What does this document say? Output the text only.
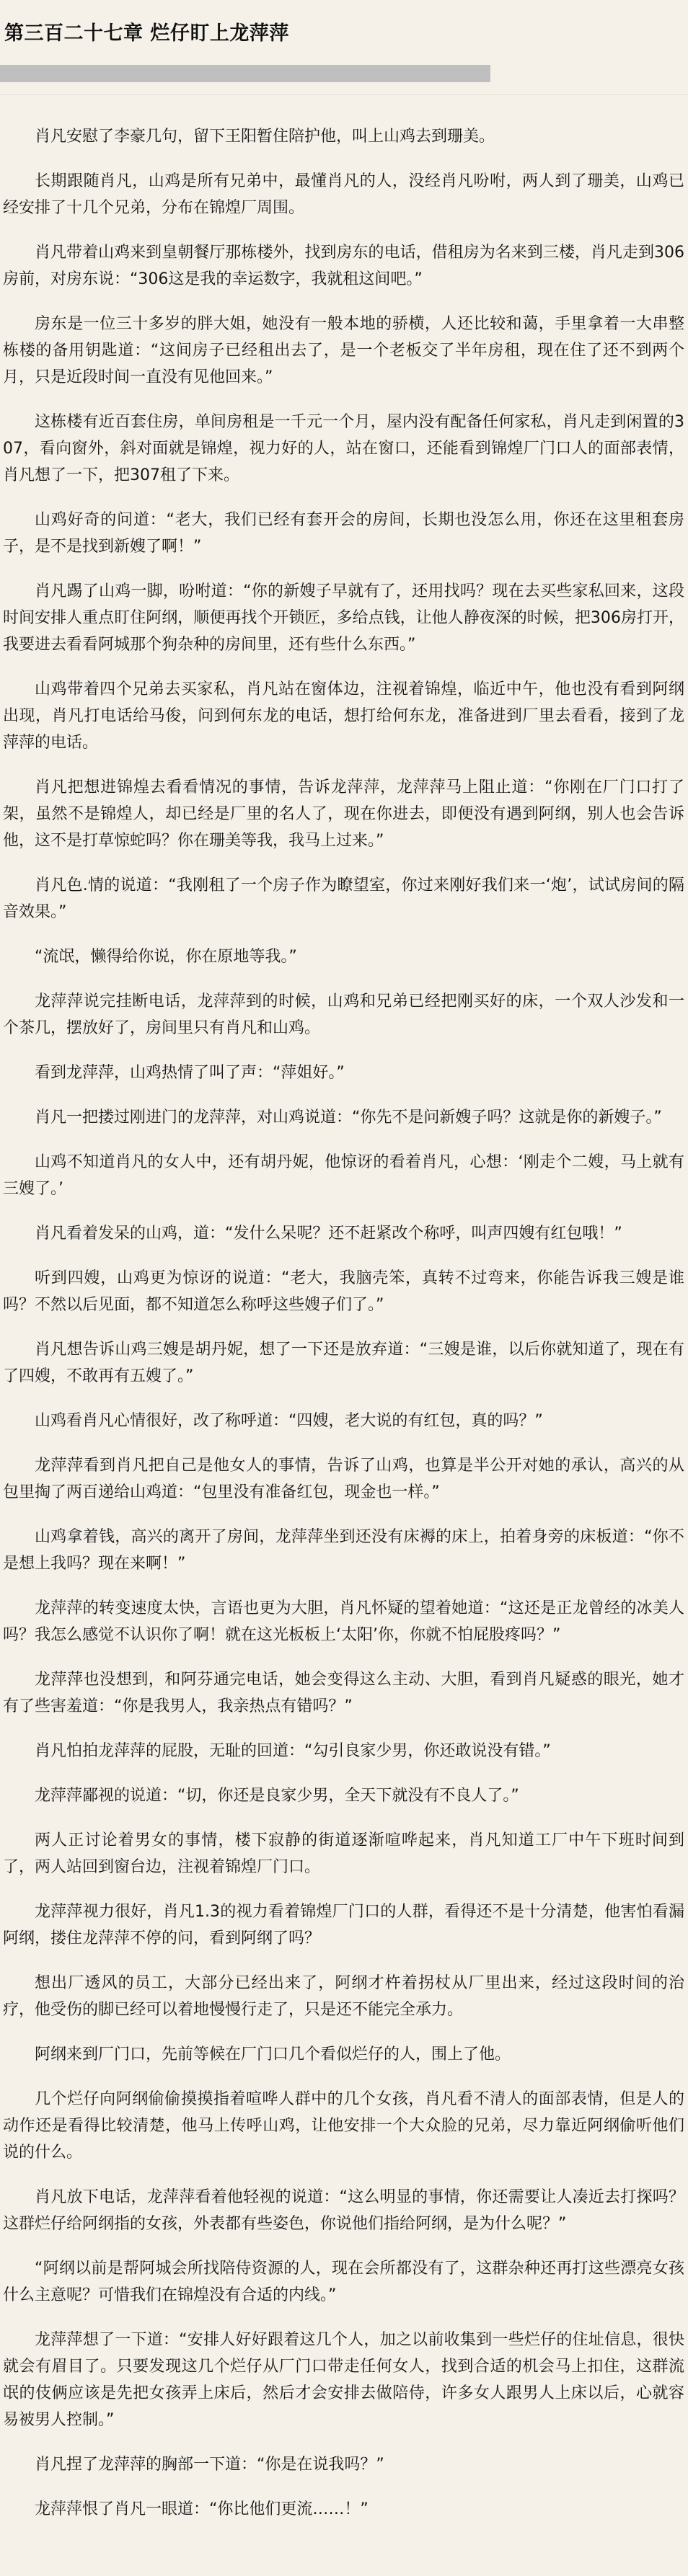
第三百二十七章 烂仔盯上龙萍萍

肖凡安慰了李豪几句，留下王阳暂住陪护他，叫上山鸡去到珊美。

长期跟随肖凡，山鸡是所有兄弟中，最懂肖凡的人，没经肖凡吩咐，两人到了珊美，山鸡已经安排了十几个兄弟，分布在锦煌厂周围。

肖凡带着山鸡来到皇朝餐厅那栋楼外，找到房东的电话，借租房为名来到三楼，肖凡走到306房前，对房东说：“306这是我的幸运数字，我就租这间吧。”

房东是一位三十多岁的胖大姐，她没有一般本地的骄横，人还比较和蔼，手里拿着一大串整栋楼的备用钥匙道：“这间房子已经租出去了，是一个老板交了半年房租，现在住了还不到两个月，只是近段时间一直没有见他回来。”

这栋楼有近百套住房，单间房租是一千元一个月，屋内没有配备任何家私，肖凡走到闲置的307，看向窗外，斜对面就是锦煌，视力好的人，站在窗口，还能看到锦煌厂门口人的面部表情，肖凡想了一下，把307租了下来。

山鸡好奇的问道：“老大，我们已经有套开会的房间，长期也没怎么用，你还在这里租套房子，是不是找到新嫂了啊！”

肖凡踢了山鸡一脚，吩咐道：“你的新嫂子早就有了，还用找吗？现在去买些家私回来，这段时间安排人重点盯住阿纲，顺便再找个开锁匠，多给点钱，让他人静夜深的时候，把306房打开，我要进去看看阿城那个狗杂种的房间里，还有些什么东西。”

山鸡带着四个兄弟去买家私，肖凡站在窗体边，注视着锦煌，临近中午，他也没有看到阿纲出现，肖凡打电话给马俊，问到何东龙的电话，想打给何东龙，准备进到厂里去看看，接到了龙萍萍的电话。

肖凡把想进锦煌去看看情况的事情，告诉龙萍萍，龙萍萍马上阻止道：“你刚在厂门口打了架，虽然不是锦煌人，却已经是厂里的名人了，现在你进去，即便没有遇到阿纲，别人也会告诉他，这不是打草惊蛇吗？你在珊美等我，我马上过来。”

肖凡色.情的说道：“我刚租了一个房子作为瞭望室，你过来刚好我们来一‘炮’，试试房间的隔音效果。”

“流氓，懒得给你说，你在原地等我。”

龙萍萍说完挂断电话，龙萍萍到的时候，山鸡和兄弟已经把刚买好的床，一个双人沙发和一个茶几，摆放好了，房间里只有肖凡和山鸡。

看到龙萍萍，山鸡热情了叫了声：“萍姐好。”

肖凡一把搂过刚进门的龙萍萍，对山鸡说道：“你先不是问新嫂子吗？这就是你的新嫂子。”

山鸡不知道肖凡的女人中，还有胡丹妮，他惊讶的看着肖凡，心想：‘刚走个二嫂，马上就有三嫂了。’

肖凡看着发呆的山鸡，道：“发什么呆呢？还不赶紧改个称呼，叫声四嫂有红包哦！”

听到四嫂，山鸡更为惊讶的说道：“老大，我脑壳笨，真转不过弯来，你能告诉我三嫂是谁吗？不然以后见面，都不知道怎么称呼这些嫂子们了。”

肖凡想告诉山鸡三嫂是胡丹妮，想了一下还是放弃道：“三嫂是谁，以后你就知道了，现在有了四嫂，不敢再有五嫂了。”

山鸡看肖凡心情很好，改了称呼道：“四嫂，老大说的有红包，真的吗？”

龙萍萍看到肖凡把自己是他女人的事情，告诉了山鸡，也算是半公开对她的承认，高兴的从包里掏了两百递给山鸡道：“包里没有准备红包，现金也一样。”

山鸡拿着钱，高兴的离开了房间，龙萍萍坐到还没有床褥的床上，拍着身旁的床板道：“你不是想上我吗？现在来啊！”

龙萍萍的转变速度太快，言语也更为大胆，肖凡怀疑的望着她道：“这还是正龙曾经的冰美人吗？我怎么感觉不认识你了啊！就在这光板板上‘太阳’你，你就不怕屁股疼吗？”

龙萍萍也没想到，和阿芬通完电话，她会变得这么主动、大胆，看到肖凡疑惑的眼光，她才有了些害羞道：“你是我男人，我亲热点有错吗？”

肖凡怕拍龙萍萍的屁股，无耻的回道：“勾引良家少男，你还敢说没有错。”

龙萍萍鄙视的说道：“切，你还是良家少男，全天下就没有不良人了。”

两人正讨论着男女的事情，楼下寂静的街道逐渐喧哗起来，肖凡知道工厂中午下班时间到了，两人站回到窗台边，注视着锦煌厂门口。

龙萍萍视力很好，肖凡1.3的视力看着锦煌厂门口的人群，看得还不是十分清楚，他害怕看漏阿纲，搂住龙萍萍不停的问，看到阿纲了吗？

想出厂透风的员工，大部分已经出来了，阿纲才杵着拐杖从厂里出来，经过这段时间的治疗，他受伤的脚已经可以着地慢慢行走了，只是还不能完全承力。

阿纲来到厂门口，先前等候在厂门口几个看似烂仔的人，围上了他。

几个烂仔向阿纲偷偷摸摸指着喧哗人群中的几个女孩，肖凡看不清人的面部表情，但是人的动作还是看得比较清楚，他马上传呼山鸡，让他安排一个大众脸的兄弟，尽力靠近阿纲偷听他们说的什么。

肖凡放下电话，龙萍萍看着他轻视的说道：“这么明显的事情，你还需要让人凑近去打探吗？这群烂仔给阿纲指的女孩，外表都有些姿色，你说他们指给阿纲，是为什么呢？”

“阿纲以前是帮阿城会所找陪侍资源的人，现在会所都没有了，这群杂种还再打这些漂亮女孩什么主意呢？可惜我们在锦煌没有合适的内线。”

龙萍萍想了一下道：“安排人好好跟着这几个人，加之以前收集到一些烂仔的住址信息，很快就会有眉目了。只要发现这几个烂仔从厂门口带走任何女人，找到合适的机会马上扣住，这群流氓的伎俩应该是先把女孩弄上床后，然后才会安排去做陪侍，许多女人跟男人上床以后，心就容易被男人控制。”

肖凡捏了龙萍萍的胸部一下道：“你是在说我吗？”

龙萍萍恨了肖凡一眼道：“你比他们更流……！”
